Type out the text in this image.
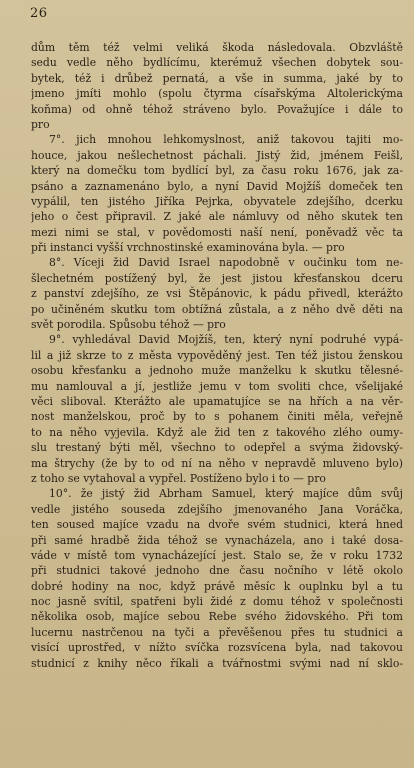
26
dům těm též velmi veliká škoda následovala. Obzvláště
sedu vedle něho bydlícímu, kterémuž všechen dobytek sou-
bytek, též i drůbež pernatá, a vše in summa, jaké by to
jmeno jmíti mohlo (spolu čtyrma císařskýma Altolerickýma
koňma) od ohně téhož stráveno bylo. Považujíce i dále to
pro
7°. jich mnohou lehkomyslnost, aniž takovou tajiti mo-
houce, jakou nešlechetnost páchali. Jistý žid, jménem Feišl,
který na domečku tom bydlící byl, za času roku 1676, jak za-
psáno a zaznamenáno bylo, a nyní David Mojžíš domeček ten
vypálil, ten jistého Jiříka Pejrka, obyvatele zdejšího, dcerku
jeho o čest připravil. Z jaké ale námluvy od něho skutek ten
mezi nimi se stal, v povědomosti naší není, poněvadž věc ta
při instanci vyšší vrchnostinské examinována byla. — pro
8°. Víceji žid David Israel napodobně v oučinku tom ne-
šlechetném postížený byl, že jest jistou křesťanskou dceru
z panství zdejšího, ze vsi Štěpánovic, k pádu přivedl, kterážto
po učiněném skutku tom obtížná zůstala, a z něho dvě děti na
svět porodila. Spůsobu téhož — pro
9°. vyhledával David Mojžíš, ten, který nyní podruhé vypá-
lil a již skrze to z města vypověděný jest. Ten též jistou ženskou
osobu křesťanku a jednoho muže manželku k skutku tělesné-
mu namlouval a jí, jestliže jemu v tom svoliti chce, všelijaké
věci sliboval. Kterážto ale upamatujíce se na hřích a na věr-
nost manželskou, proč by to s pohanem činiti měla, veřejně
to na něho vyjevila. Když ale žid ten z takového zlého oumy-
slu trestaný býti měl, všechno to odepřel a svýma židovský-
ma štrychy (že by to od ní na něho v nepravdě mluveno bylo)
z toho se vytahoval a vypřel. Postíženo bylo i to — pro
10°. že jistý žid Abrham Samuel, který majíce dům svůj
vedle jistého souseda zdejšího jmenovaného Jana Voráčka,
ten soused majíce vzadu na dvoře svém studnici, která hned
při samé hradbě žida téhož se vynacházela, ano i také dosa-
váde v místě tom vynacházející jest. Stalo se, že v roku 1732
při studnici takové jednoho dne času nočního v létě okolo
dobré hodiny na noc, když právě měsíc k ouplnku byl a tu
noc jasně svítil, spatřeni byli židé z domu téhož v společnosti
několika osob, majíce sebou Rebe svého židovského. Při tom
lucernu nastrčenou na tyči a převěšenou přes tu studnici a
visící uprostřed, v nížto svíčka rozsvícena byla, nad takovou
studnicí z knihy něco říkali a tvářnostmi svými nad ní sklo-
